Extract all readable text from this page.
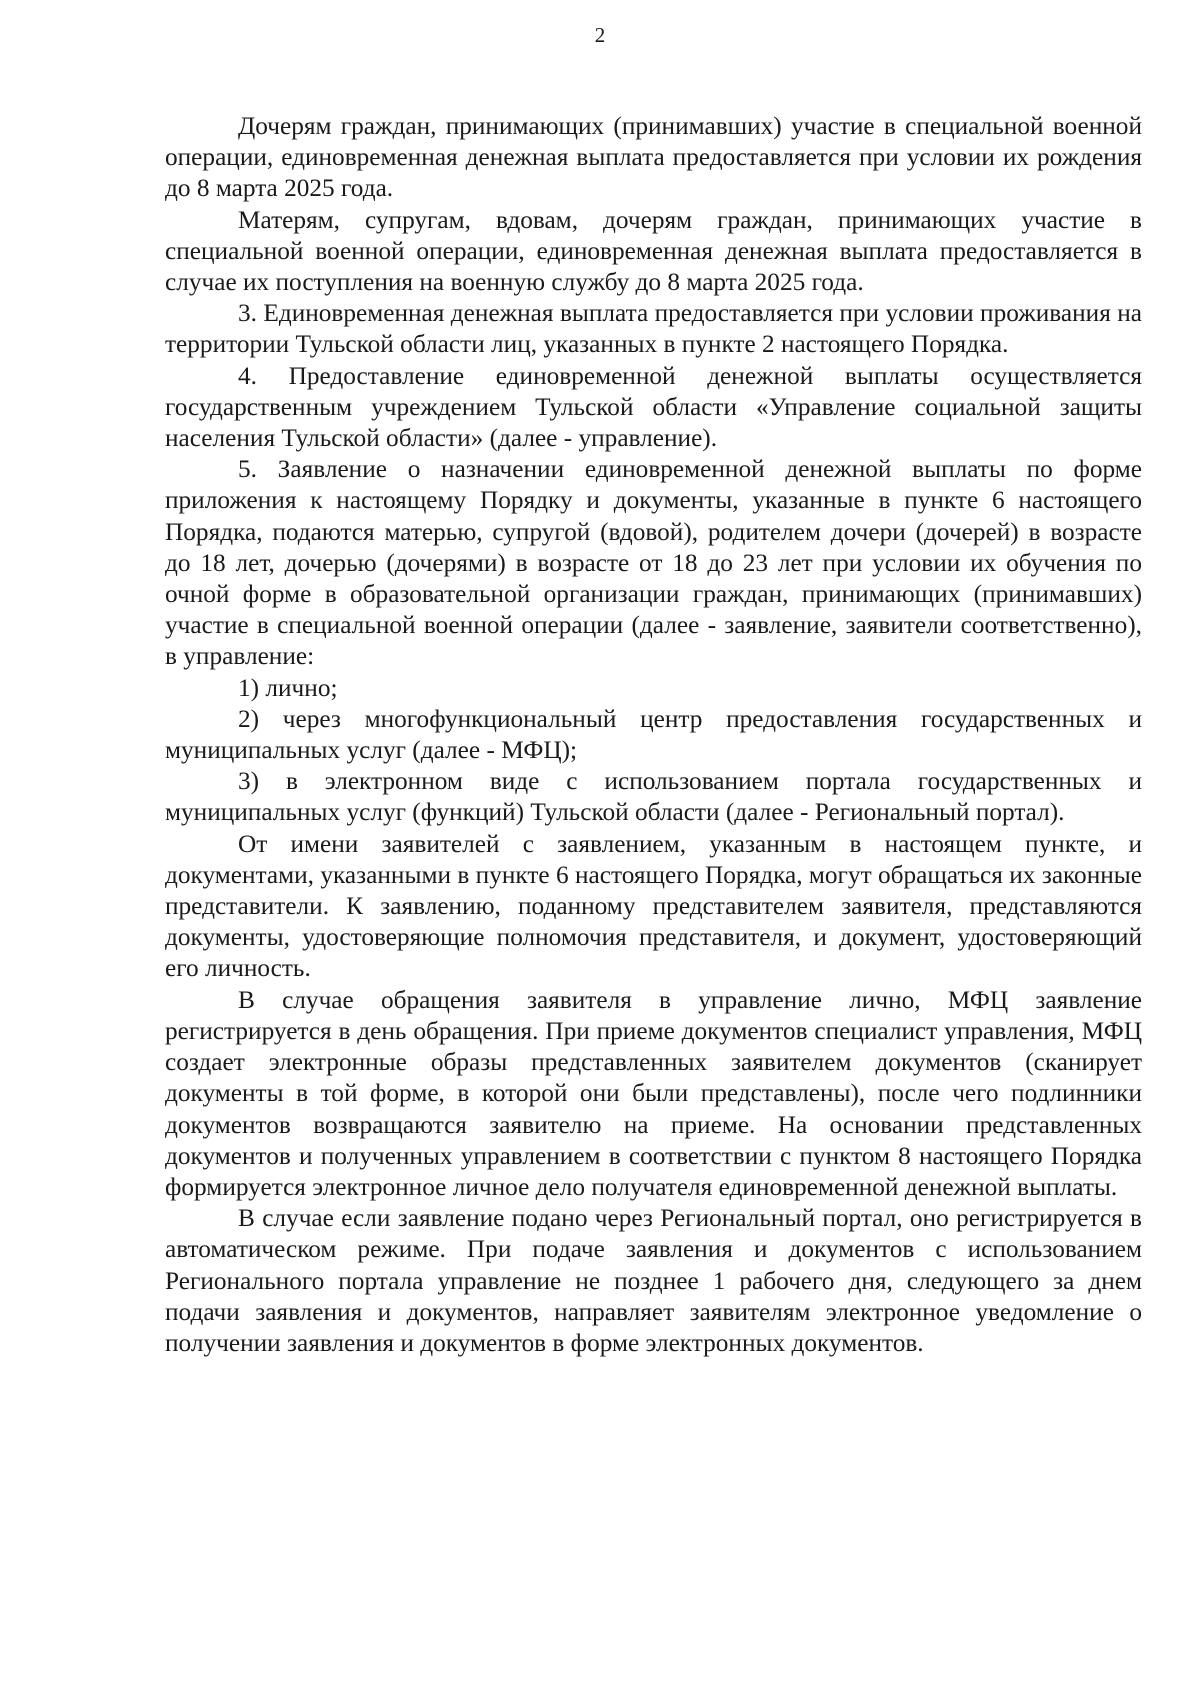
2

Дочерям граждан, принимающих (принимавших) участие в специальной военной операции, единовременная денежная выплата предоставляется при условии их рождения до 8 марта 2025 года.

Матерям, супругам, вдовам, дочерям граждан, принимающих участие в специальной военной операции, единовременная денежная выплата предоставляется в случае их поступления на военную службу до 8 марта 2025 года.

3. Единовременная денежная выплата предоставляется при условии проживания на территории Тульской области лиц, указанных в пункте 2 настоящего Порядка.

4. Предоставление единовременной денежной выплаты осуществляется государственным учреждением Тульской области «Управление социальной защиты населения Тульской области» (далее - управление).

5. Заявление о назначении единовременной денежной выплаты по форме приложения к настоящему Порядку и документы, указанные в пункте 6 настоящего Порядка, подаются матерью, супругой (вдовой), родителем дочери (дочерей) в возрасте до 18 лет, дочерью (дочерями) в возрасте от 18 до 23 лет при условии их обучения по очной форме в образовательной организации граждан, принимающих (принимавших) участие в специальной военной операции (далее - заявление, заявители соответственно), в управление:

1) лично;

2) через многофункциональный центр предоставления государственных и муниципальных услуг (далее - МФЦ);

3) в электронном виде с использованием портала государственных и муниципальных услуг (функций) Тульской области (далее - Региональный портал).

От имени заявителей с заявлением, указанным в настоящем пункте, и документами, указанными в пункте 6 настоящего Порядка, могут обращаться их законные представители. К заявлению, поданному представителем заявителя, представляются документы, удостоверяющие полномочия представителя, и документ, удостоверяющий его личность.

В случае обращения заявителя в управление лично, МФЦ заявление регистрируется в день обращения. При приеме документов специалист управления, МФЦ создает электронные образы представленных заявителем документов (сканирует документы в той форме, в которой они были представлены), после чего подлинники документов возвращаются заявителю на приеме. На основании представленных документов и полученных управлением в соответствии с пунктом 8 настоящего Порядка формируется электронное личное дело получателя единовременной денежной выплаты.

В случае если заявление подано через Региональный портал, оно регистрируется в автоматическом режиме. При подаче заявления и документов с использованием Регионального портала управление не позднее 1 рабочего дня, следующего за днем подачи заявления и документов, направляет заявителям электронное уведомление о получении заявления и документов в форме электронных документов.
